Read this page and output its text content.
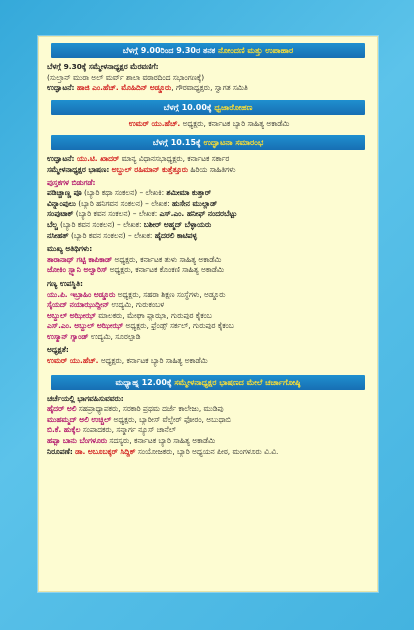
ಬೆಳಗ್ಗೆ 9.00ರಿಂದ 9.30ರ ತನಕ ನೋಂದಣಿ ಮತ್ತು ಉಪಾಹಾರ
ಬೆಳಗ್ಗೆ 9.30ಕ್ಕೆ ಸಮ್ಮೇಳನಾಧ್ಯಕ್ಷರ ಮೆರವಣಿಗೆ:
(ಸುಲ್ತಾನ್ ಮುರಾ ಅಲ್ ಮರ್ವ್ ಶಾಲಾ ವಠಾರದಿಂದ ಸಭಾಂಗಣಕ್ಕೆ)
ಉದ್ಘಾಟನೆ: ಹಾಜಿ ಎಂ.ಹೆಚ್. ಮೊಹಿದಿನ್ ಅಡ್ಡೂರು, ಗೌರವಾಧ್ಯಕ್ಷರು, ಸ್ವಾಗತ ಸಮಿತಿ
ಬೆಳಗ್ಗೆ 10.00ಕ್ಕೆ ಧ್ವಜಾರೋಹಣ
ಉಮರ್ ಯು.ಹೆಚ್. ಅಧ್ಯಕ್ಷರು, ಕರ್ನಾಟಕ ಬ್ಯಾರಿ ಸಾಹಿತ್ಯ ಅಕಾಡೆಮಿ
ಬೆಳಗ್ಗೆ 10.15ಕ್ಕೆ ಉದ್ಘಾಟನಾ ಸಮಾರಂಭ
ಉದ್ಘಾಟನೆ: ಯು.ಟಿ. ಖಾದರ್ ಮಾನ್ಯ ವಿಧಾನಸಭಾಧ್ಯಕ್ಷರು, ಕರ್ನಾಟಕ ಸರ್ಕಾರ
ಸಮ್ಮೇಳನಾಧ್ಯಕ್ಷರ ಭಾಷಣ: ಅಬ್ದುಲ್ ರಹಿಮಾನ್ ಕುತ್ತೆತ್ತೂರು ಹಿರಿಯ ಸಾಹಿತಿಗಳು
ಪುಸ್ತಕಗಳ ಬಿಡುಗಡೆ:
ಪಡಿಚ್ಚಾಣ್ಣ ಪೂ (ಬ್ಯಾರಿ ಕಥಾ ಸಂಕಲನ) – ಲೇಖಕಿ: ಶಮೀಮಾ ಕುತ್ತಾರ್
ವಿನ್ನಾಂಪುಲು (ಬ್ಯಾರಿ ಹನಿಗವನ ಸಂಕಲನ) – ಲೇಖಕ: ಹುಸೇನ ಮುಲ್ಲಾಡ್
ಸಂಪುಟಾಕ್ (ಬ್ಯಾರಿ ಕವನ ಸಂಕಲನ) – ಲೇಖಕ: ಎಸ್.ಎಂ. ಹನೀಫ್ ನಂದರಬೆಟ್ಟು
ಬೆಲ್ಚ (ಬ್ಯಾರಿ ಕವನ ಸಂಕಲನ) – ಲೇಖಕ: ಬಶೀರ್ ಅಹ್ಮದ್ ಬೆಳ್ಳಾಯರು
ನಸೀಹತ್ (ಬ್ಯಾರಿ ಕವನ ಸಂಕಲನ) – ಲೇಖಕ: ಹೈದರಲಿ ಕಾಟಿಪಳ್ಳ
ಮುಖ್ಯ ಅತಿಥಿಗಳು:
ತಾರಾನಾಥ್ ಗಟ್ಟಿ ಕಾಪಿಕಾಡ್ ಅಧ್ಯಕ್ಷರು, ಕರ್ನಾಟಕ ತುಳು ಸಾಹಿತ್ಯ ಅಕಾಡೆಮಿ
ಜೋಕಿಂ ಸ್ಟ್ಯಾನಿ ಅಲ್ವಾರಿಸ್ ಅಧ್ಯಕ್ಷರು, ಕರ್ನಾಟಕ ಕೊಂಕಣಿ ಸಾಹಿತ್ಯ ಅಕಾಡೆಮಿ
ಗಣ್ಯ ಉಪಸ್ಥಿತಿ:
ಯು.ಪಿ. ಇಬ್ರಾಹಿಂ ಅಡ್ಡೂರು ಅಧ್ಯಕ್ಷರು, ಸಹರಾ ಶಿಕ್ಷಣ ಸಂಸ್ಥೆಗಳು, ಅಡ್ಡೂರು
ಸೈಯದ್ ನಯಾಝುದ್ದೀನ್ ಉದ್ಯಮಿ, ಗುರುಕಂಬಳ
ಅಬ್ದುಲ್ ಅಝೀಝ್ ಮಾಲಕರು, ಮೇಘಾ ಪ್ಲಾಝಾ, ಗುರುಪುರ ಕೈಕಂಬ
ಎಸ್.ಎಂ. ಅಬ್ದುಲ್ ಅಝೀಝ್ ಅಧ್ಯಕ್ಷರು, ಫ್ರೆಂಡ್ಸ್ ಸರ್ಕಲ್, ಗುರುಪುರ ಕೈಕಂಬ
ಉಸ್ಮಾನ್ ಗ್ಯಾಂಡ್ ಉದ್ಯಮಿ, ಸೂರಲ್ಪಾಡಿ
ಅಧ್ಯಕ್ಷತೆ:
ಉಮರ್ ಯು.ಹೆಚ್. ಅಧ್ಯಕ್ಷರು, ಕರ್ನಾಟಕ ಬ್ಯಾರಿ ಸಾಹಿತ್ಯ ಅಕಾಡೆಮಿ
ಮಧ್ಯಾಹ್ನ 12.00ಕ್ಕೆ ಸಮ್ಮೇಳನಾಧ್ಯಕ್ಷರ ಭಾಷಣದ ಮೇಲೆ ಚರ್ಚಾಗೋಷ್ಠಿ
ಚರ್ಚೆಯಲ್ಲಿ ಭಾಗವಹಿಸುವವರು:
ಹೈದರ್ ಅಲಿ ಸಹಪ್ರಾಧ್ಯಾಪಕರು, ಸರಕಾರಿ ಪ್ರಥಮ ದರ್ಜೆ ಕಾಲೇಜು, ಮುಡಿಪು
ಮುಹಮ್ಮದ್ ಅಲಿ ಉಚ್ಚಿಲ್ ಅಧ್ಯಕ್ಷರು, ಬ್ಯಾರೀಸ್ ವೆಲ್ಫೇರ್ ಫೋರಂ, ಅಬುಧಾಬಿ
ಬಿ.ಕೆ. ಹುಕ್ಕೆಲ ಸಂಪಾದಕರು, ಸನ್ಮಾರ್ಗ ನ್ಯೂಸ್ ಚಾನೆಲ್
ಹಫ್ಸಾ ಬಾನು ಬೆಂಗಳೂರು ಸದಸ್ಯರು, ಕರ್ನಾಟಕ ಬ್ಯಾರಿ ಸಾಹಿತ್ಯ ಅಕಾಡೆಮಿ
ನಿರೂಪಣೆ: ಡಾ. ಅಬೂಬಕ್ಕರ್ ಸಿದ್ದಿಕ್ ಸಂಯೋಜಕರು, ಬ್ಯಾರಿ ಅಧ್ಯಯನ ಪೀಠ, ಮಂಗಳೂರು ವಿ.ವಿ.
